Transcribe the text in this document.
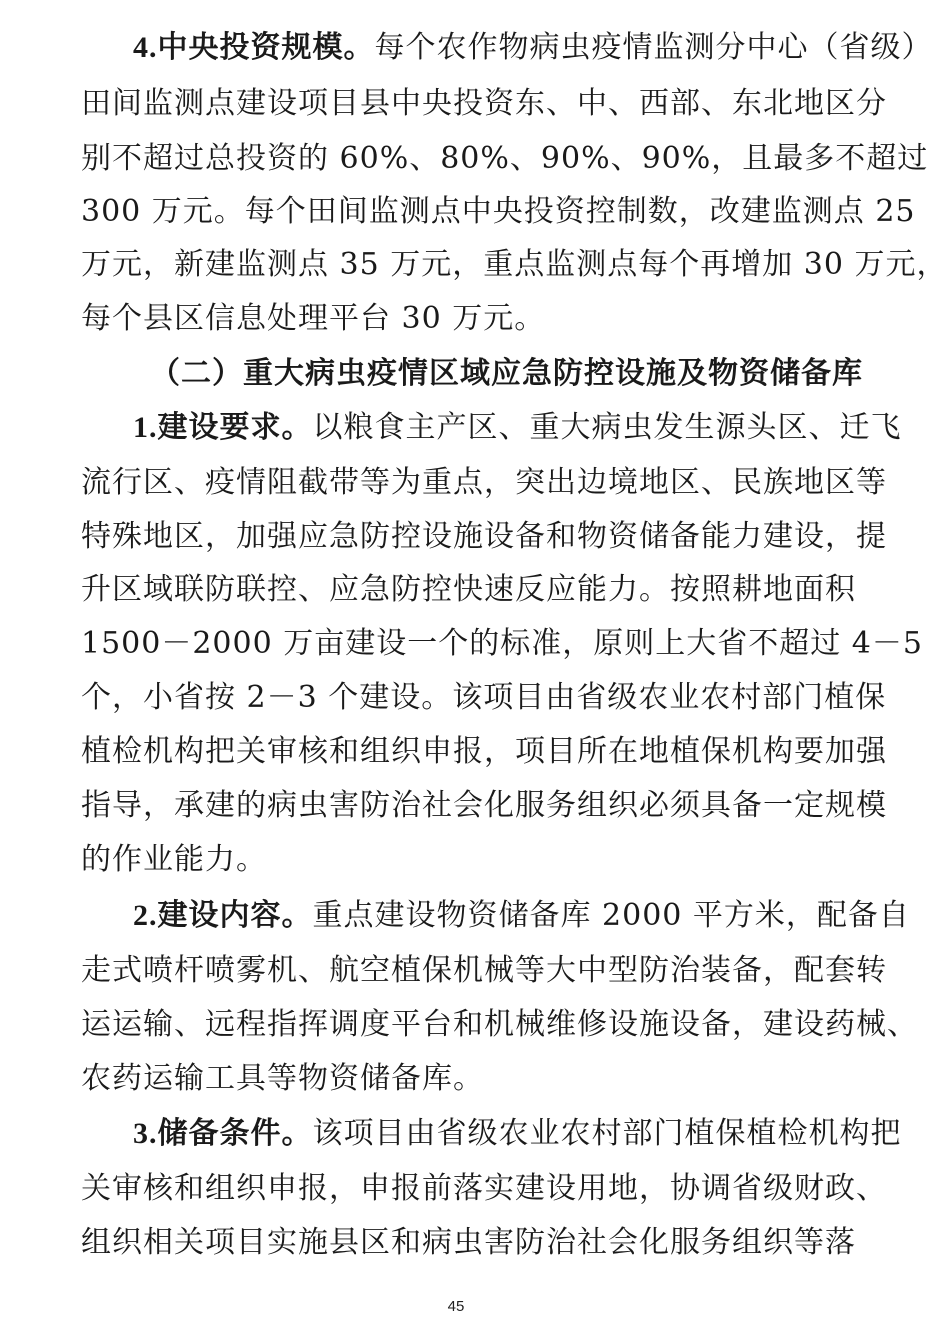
4.中央投资规模。每个农作物病虫疫情监测分中心（省级）
田间监测点建设项目县中央投资东、中、西部、东北地区分
别不超过总投资的 60%、80%、90%、90%，且最多不超过
300 万元。每个田间监测点中央投资控制数，改建监测点 25
万元，新建监测点 35 万元，重点监测点每个再增加 30 万元，
每个县区信息处理平台 30 万元。
（二）重大病虫疫情区域应急防控设施及物资储备库
1.建设要求。以粮食主产区、重大病虫发生源头区、迁飞
流行区、疫情阻截带等为重点，突出边境地区、民族地区等
特殊地区，加强应急防控设施设备和物资储备能力建设，提
升区域联防联控、应急防控快速反应能力。按照耕地面积
1500－2000 万亩建设一个的标准，原则上大省不超过 4－5
个，小省按 2－3 个建设。该项目由省级农业农村部门植保
植检机构把关审核和组织申报，项目所在地植保机构要加强
指导，承建的病虫害防治社会化服务组织必须具备一定规模
的作业能力。
2.建设内容。重点建设物资储备库 2000 平方米，配备自
走式喷杆喷雾机、航空植保机械等大中型防治装备，配套转
运运输、远程指挥调度平台和机械维修设施设备，建设药械、
农药运输工具等物资储备库。
3.储备条件。该项目由省级农业农村部门植保植检机构把
关审核和组织申报，申报前落实建设用地，协调省级财政、
组织相关项目实施县区和病虫害防治社会化服务组织等落
45
